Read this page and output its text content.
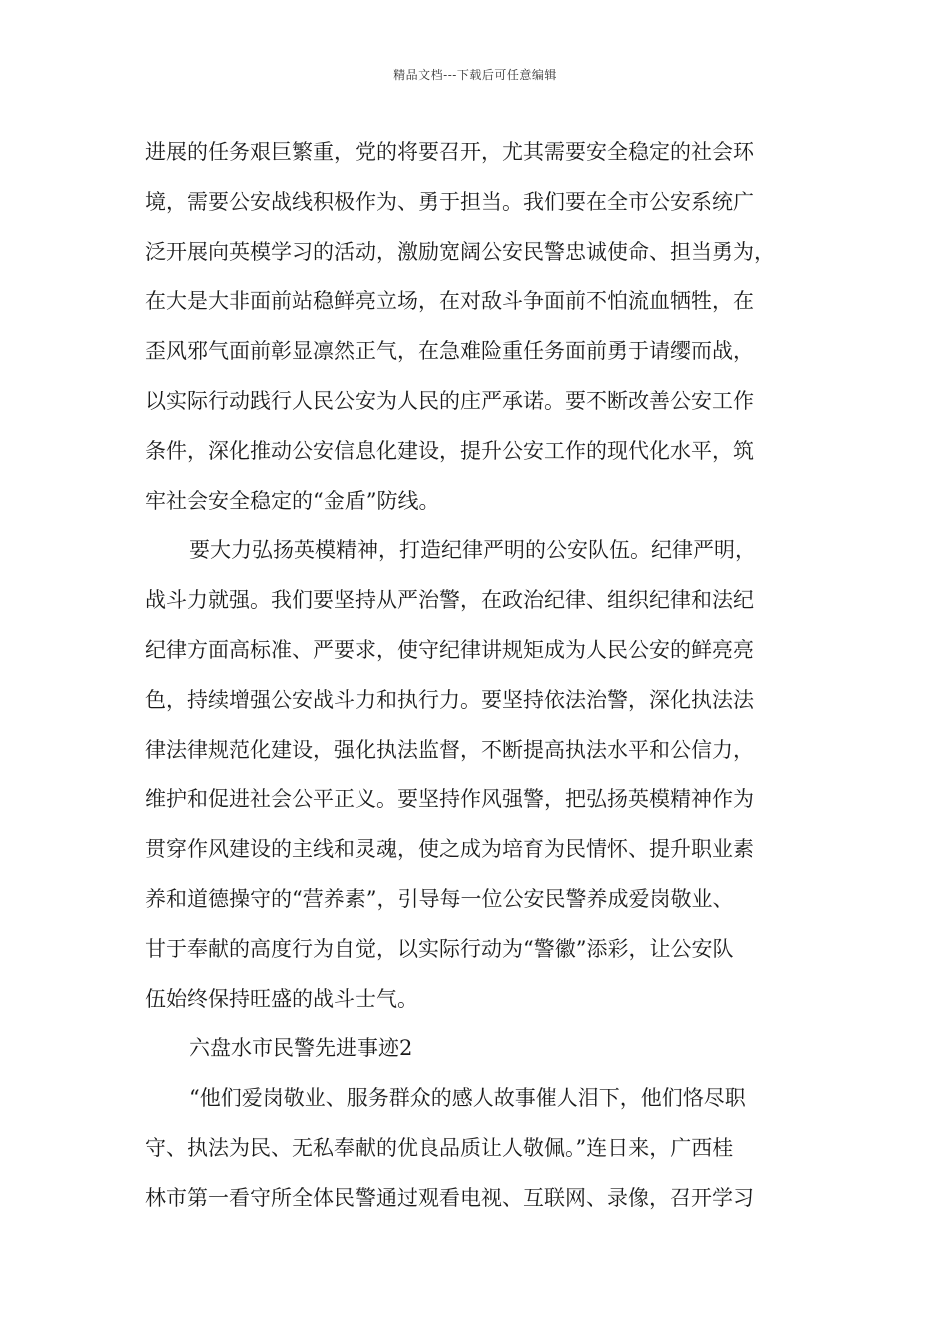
精品文档---下载后可任意编辑
进展的任务艰巨繁重，党的将要召开，尤其需要安全稳定的社会环
境，需要公安战线积极作为、勇于担当。我们要在全市公安系统广
泛开展向英模学习的活动，激励宽阔公安民警忠诚使命、担当勇为，
在大是大非面前站稳鲜亮立场，在对敌斗争面前不怕流血牺牲，在
歪风邪气面前彰显凛然正气，在急难险重任务面前勇于请缨而战，
以实际行动践行人民公安为人民的庄严承诺。要不断改善公安工作
条件，深化推动公安信息化建设，提升公安工作的现代化水平，筑
牢社会安全稳定的“金盾”防线。
要大力弘扬英模精神，打造纪律严明的公安队伍。纪律严明，
战斗力就强。我们要坚持从严治警，在政治纪律、组织纪律和法纪
纪律方面高标准、严要求，使守纪律讲规矩成为人民公安的鲜亮亮
色，持续增强公安战斗力和执行力。要坚持依法治警，深化执法法
律法律规范化建设，强化执法监督，不断提高执法水平和公信力，
维护和促进社会公平正义。要坚持作风强警，把弘扬英模精神作为
贯穿作风建设的主线和灵魂，使之成为培育为民情怀、提升职业素
养和道德操守的“营养素”，引导每一位公安民警养成爱岗敬业、
甘于奉献的高度行为自觉，以实际行动为“警徽”添彩，让公安队
伍始终保持旺盛的战斗士气。
六盘水市民警先进事迹2
“他们爱岗敬业、服务群众的感人故事催人泪下，他们恪尽职
守、执法为民、无私奉献的优良品质让人敬佩。”连日来，广西桂
林市第一看守所全体民警通过观看电视、互联网、录像，召开学习
